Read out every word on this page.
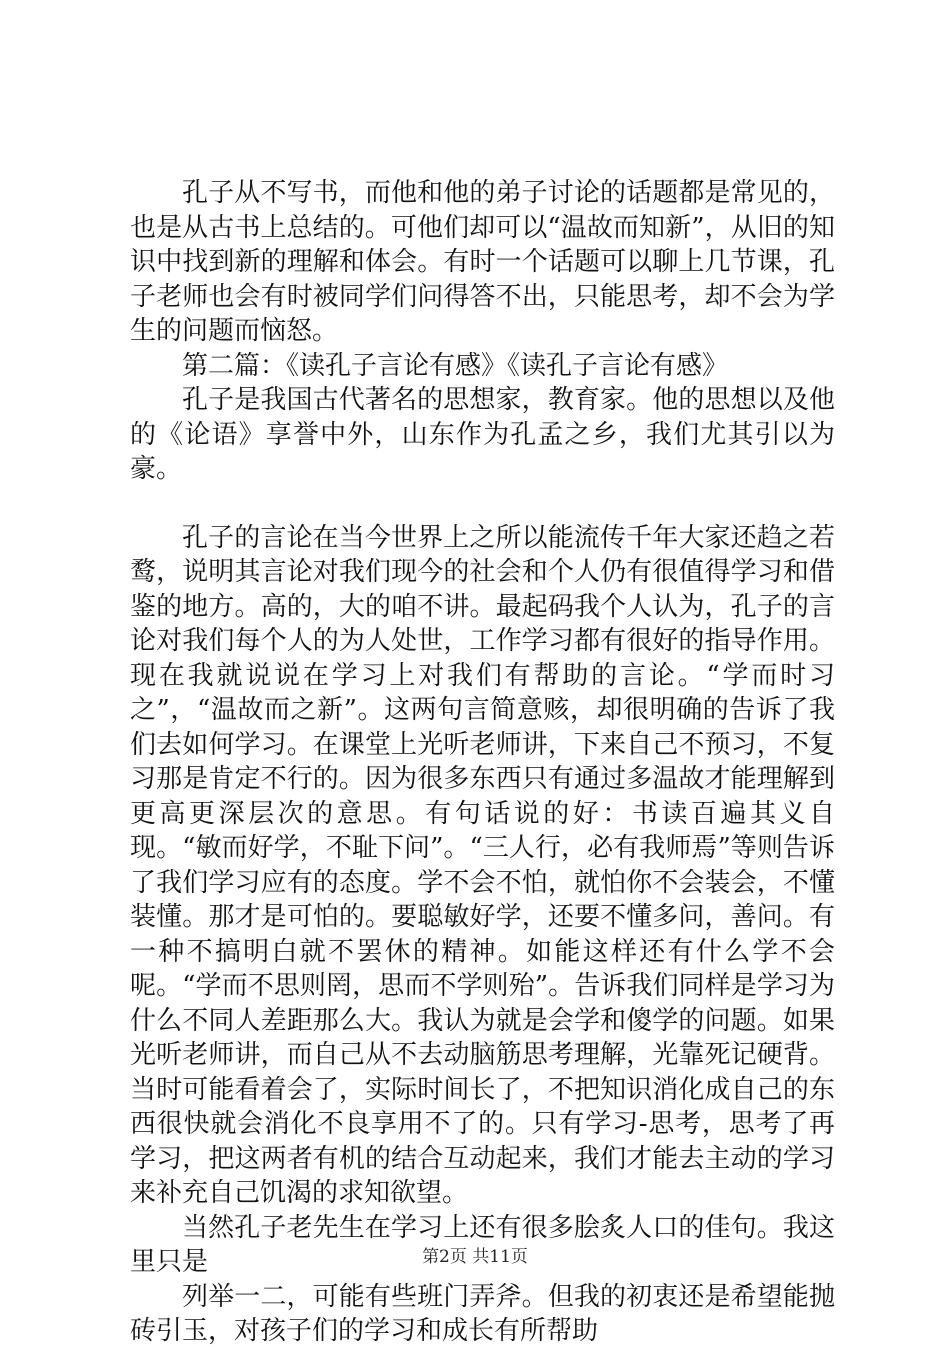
孔子从不写书，而他和他的弟子讨论的话题都是常见的，也是从古书上总结的。可他们却可以“温故而知新”，从旧的知识中找到新的理解和体会。有时一个话题可以聊上几节课，孔子老师也会有时被同学们问得答不出，只能思考，却不会为学生的问题而恼怒。

第二篇：《读孔子言论有感》《读孔子言论有感》

孔子是我国古代著名的思想家，教育家。他的思想以及他的《论语》享誉中外，山东作为孔孟之乡，我们尤其引以为豪。

孔子的言论在当今世界上之所以能流传千年大家还趋之若鹜，说明其言论对我们现今的社会和个人仍有很值得学习和借鉴的地方。高的，大的咱不讲。最起码我个人认为，孔子的言论对我们每个人的为人处世，工作学习都有很好的指导作用。现在我就说说在学习上对我们有帮助的言论。“学而时习之”，“温故而之新”。这两句言简意赅，却很明确的告诉了我们去如何学习。在课堂上光听老师讲，下来自己不预习，不复习那是肯定不行的。因为很多东西只有通过多温故才能理解到更高更深层次的意思。有句话说的好：书读百遍其义自现。“敏而好学，不耻下问”。“三人行，必有我师焉”等则告诉了我们学习应有的态度。学不会不怕，就怕你不会装会，不懂装懂。那才是可怕的。要聪敏好学，还要不懂多问，善问。有一种不搞明白就不罢休的精神。如能这样还有什么学不会呢。“学而不思则罔，思而不学则殆”。告诉我们同样是学习为什么不同人差距那么大。我认为就是会学和傻学的问题。如果光听老师讲，而自己从不去动脑筋思考理解，光靠死记硬背。当时可能看着会了，实际时间长了，不把知识消化成自己的东西很快就会消化不良享用不了的。只有学习-思考，思考了再学习，把这两者有机的结合互动起来，我们才能去主动的学习来补充自己饥渴的求知欲望。

当然孔子老先生在学习上还有很多脍炙人口的佳句。我这里只是

列举一二，可能有些班门弄斧。但我的初衷还是希望能抛砖引玉，对孩子们的学习和成长有所帮助

第2页 共11页
